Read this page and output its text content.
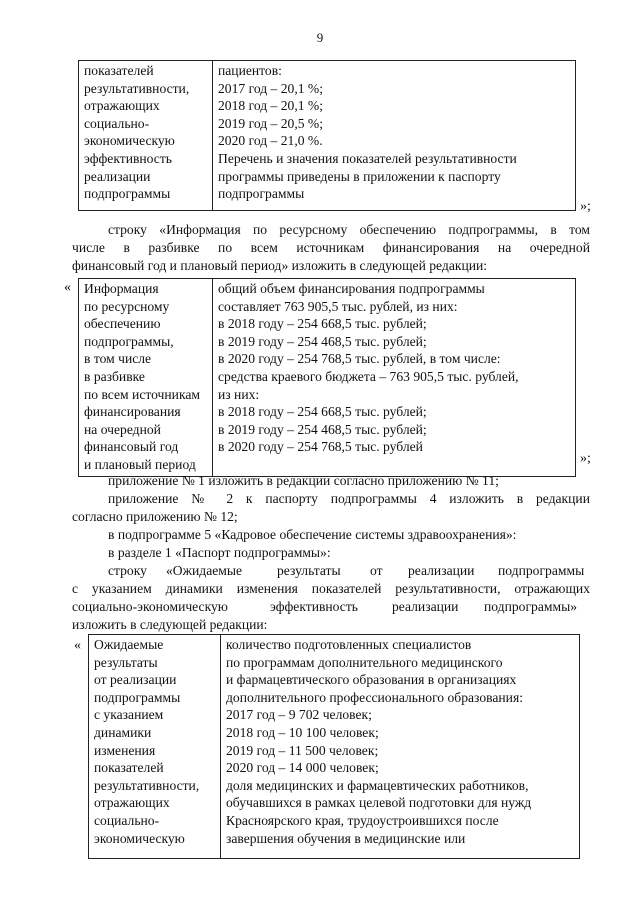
9
показателей
результативности,
отражающих
социально-
экономическую
эффективность
реализации
подпрограммы

пациентов:
2017 год – 20,1 %;
2018 год – 20,1 %;
2019 год – 20,5 %;
2020 год – 21,0 %.
Перечень и значения показателей результативности
программы приведены в приложении к паспорту
подпрограммы
»;
строку «Информация по ресурсному обеспечению подпрограммы, в том
числе в разбивке по всем источникам финансирования на очередной
финансовый год и плановый период» изложить в следующей редакции:
« Информация
по ресурсному
обеспечению
подпрограммы,
в том числе
в разбивке
по всем источникам
финансирования
на очередной
финансовый год
и плановый период

общий объем финансирования подпрограммы
составляет 763 905,5 тыс. рублей, из них:
в 2018 году – 254 668,5 тыс. рублей;
в 2019 году – 254 468,5 тыс. рублей;
в 2020 году – 254 768,5 тыс. рублей, в том числе:
средства краевого бюджета – 763 905,5 тыс. рублей,
из них:
в 2018 году – 254 668,5 тыс. рублей;
в 2019 году – 254 468,5 тыс. рублей;
в 2020 году – 254 768,5 тыс. рублей
»;
приложение № 1 изложить в редакции согласно приложению № 11;
приложение № 2 к паспорту подпрограммы 4 изложить в редакции
согласно приложению № 12;
в подпрограмме 5 «Кадровое обеспечение системы здравоохранения»:
в разделе 1 «Паспорт подпрограммы»:
строку «Ожидаемые	результаты от реализации подпрограммы
с указанием динамики изменения показателей результативности, отражающих
социально-экономическую	эффективность	реализации подпрограммы»
изложить в следующей редакции:
« Ожидаемые
результаты
от реализации
подпрограммы
с указанием
динамики
изменения
показателей
результативности,
отражающих
социально-
экономическую

количество подготовленных специалистов
по программам дополнительного медицинского
и фармацевтического образования в организациях
дополнительного профессионального образования:
2017 год – 9 702 человек;
2018 год – 10 100 человек;
2019 год – 11 500 человек;
2020 год – 14 000 человек;
доля медицинских и фармацевтических работников,
обучавшихся в рамках целевой подготовки для нужд
Красноярского края, трудоустроившихся после
завершения обучения в медицинские или
